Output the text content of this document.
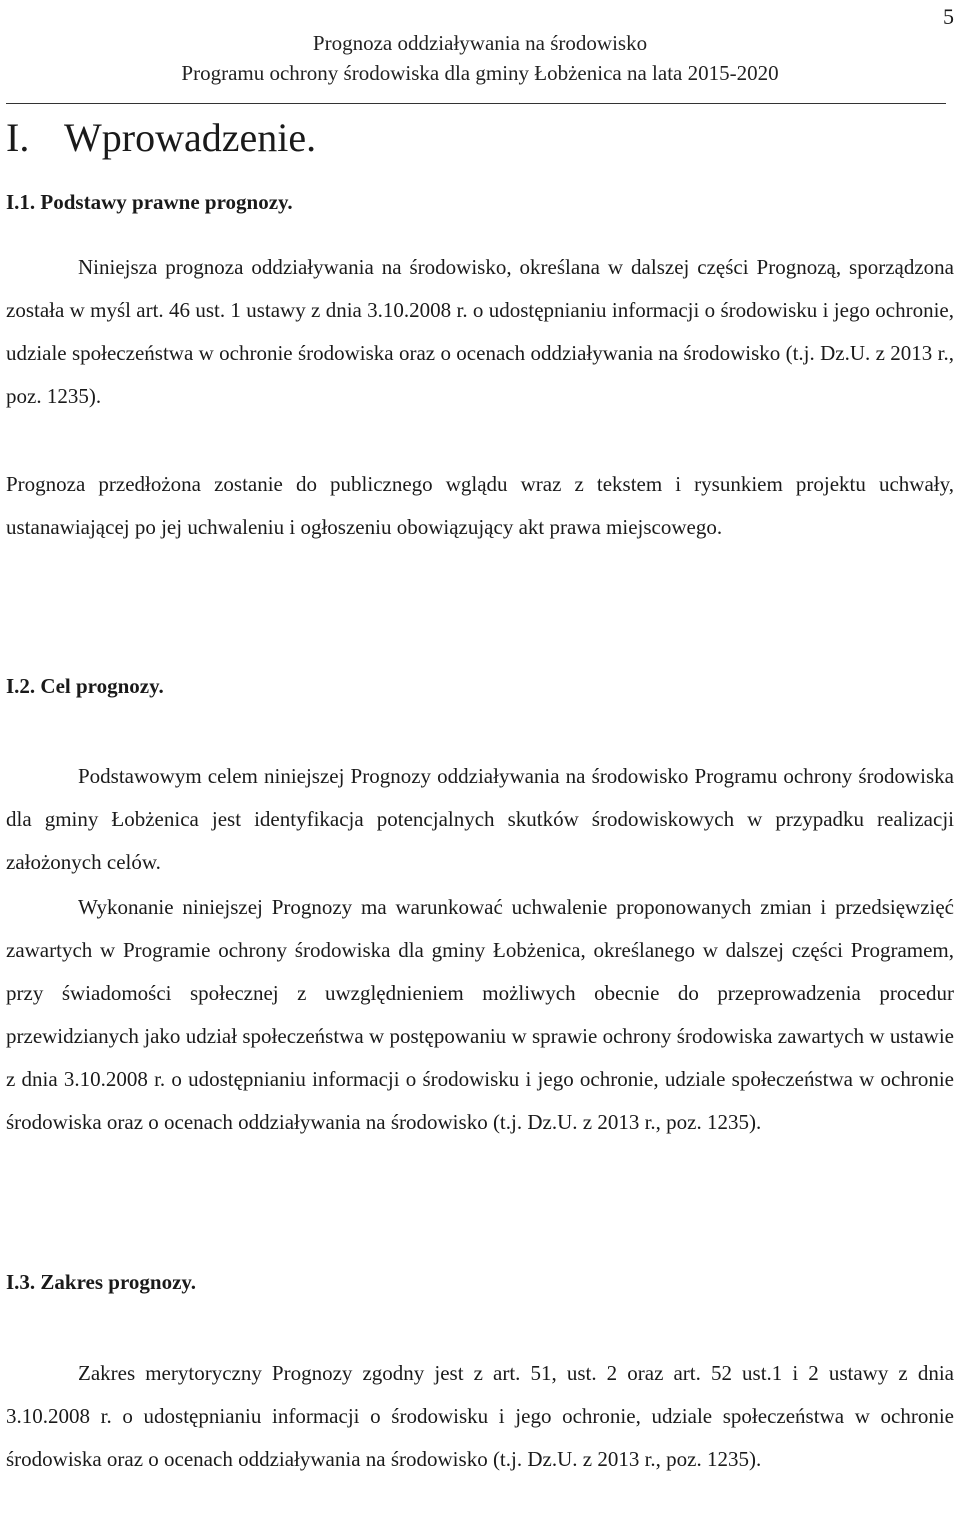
5
Prognoza oddziaływania na środowisko
Programu ochrony środowiska dla gminy Łobżenica na lata 2015-2020
I. Wprowadzenie.
I.1. Podstawy prawne prognozy.

Niniejsza prognoza oddziaływania na środowisko, określana w dalszej części Prognozą, sporządzona została w myśl art. 46 ust. 1 ustawy z dnia 3.10.2008 r. o udostępnianiu informacji o środowisku i jego ochronie, udziale społeczeństwa w ochronie środowiska oraz o ocenach oddziaływania na środowisko (t.j. Dz.U. z 2013 r., poz. 1235).

Prognoza przedłożona zostanie do publicznego wglądu wraz z tekstem i rysunkiem projektu uchwały, ustanawiającej po jej uchwaleniu i ogłoszeniu obowiązujący akt prawa miejscowego.

I.2. Cel prognozy.

Podstawowym celem niniejszej Prognozy oddziaływania na środowisko Programu ochrony środowiska dla gminy Łobżenica jest identyfikacja potencjalnych skutków środowiskowych w przypadku realizacji założonych celów.

Wykonanie niniejszej Prognozy ma warunkować uchwalenie proponowanych zmian i przedsięwzięć zawartych w Programie ochrony środowiska dla gminy Łobżenica, określanego w dalszej części Programem, przy świadomości społecznej z uwzględnieniem możliwych obecnie do przeprowadzenia procedur przewidzianych jako udział społeczeństwa w postępowaniu w sprawie ochrony środowiska zawartych w ustawie z dnia 3.10.2008 r. o udostępnianiu informacji o środowisku i jego ochronie, udziale społeczeństwa w ochronie środowiska oraz o ocenach oddziaływania na środowisko (t.j. Dz.U. z 2013 r., poz. 1235).

I.3. Zakres prognozy.

Zakres merytoryczny Prognozy zgodny jest z art. 51, ust. 2 oraz art. 52 ust.1 i 2 ustawy z dnia 3.10.2008 r. o udostępnianiu informacji o środowisku i jego ochronie, udziale społeczeństwa w ochronie środowiska oraz o ocenach oddziaływania na środowisko (t.j. Dz.U. z 2013 r., poz. 1235).
